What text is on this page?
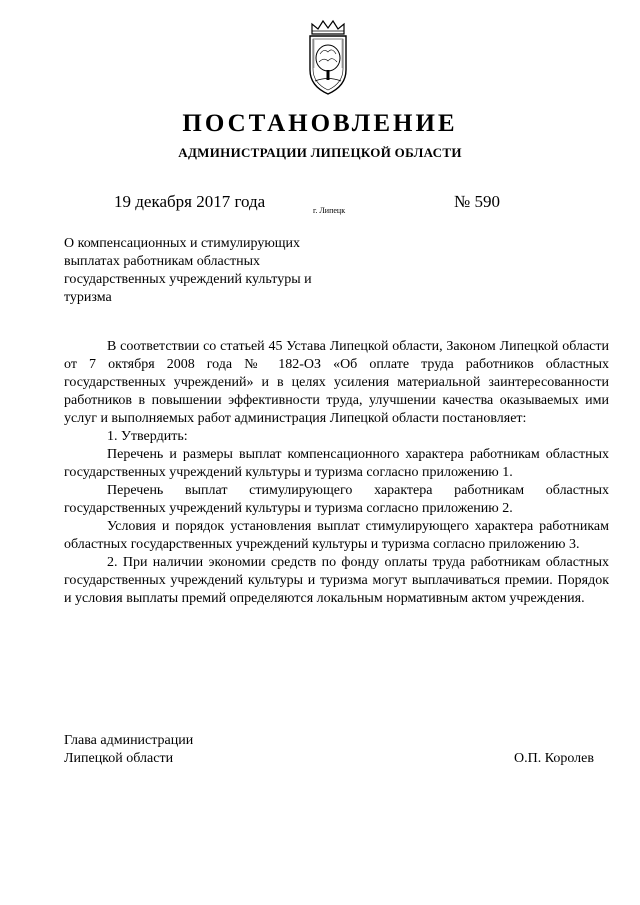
ПОСТАНОВЛЕНИЕ
АДМИНИСТРАЦИИ ЛИПЕЦКОЙ ОБЛАСТИ
19 декабря 2017 года	г. Липецк	№ 590
О компенсационных и стимулирующих выплатах работникам областных государственных учреждений культуры и туризма

В соответствии со статьей 45 Устава Липецкой области, Законом Липецкой области от 7 октября 2008 года № 182-ОЗ «Об оплате труда работников областных государственных учреждений» и в целях усиления материальной заинтересованности работников в повышении эффективности труда, улучшении качества оказываемых ими услуг и выполняемых работ администрация Липецкой области постановляет:

1. Утвердить:

Перечень и размеры выплат компенсационного характера работникам областных государственных учреждений культуры и туризма согласно приложению 1.

Перечень выплат стимулирующего характера работникам областных государственных учреждений культуры и туризма согласно приложению 2.

Условия и порядок установления выплат стимулирующего характера работникам областных государственных учреждений культуры и туризма согласно приложению 3.

2. При наличии экономии средств по фонду оплаты труда работникам областных государственных учреждений культуры и туризма могут выплачиваться премии. Порядок и условия выплаты премий определяются локальным нормативным актом учреждения.

Глава администрации
Липецкой области	О.П. Королев
